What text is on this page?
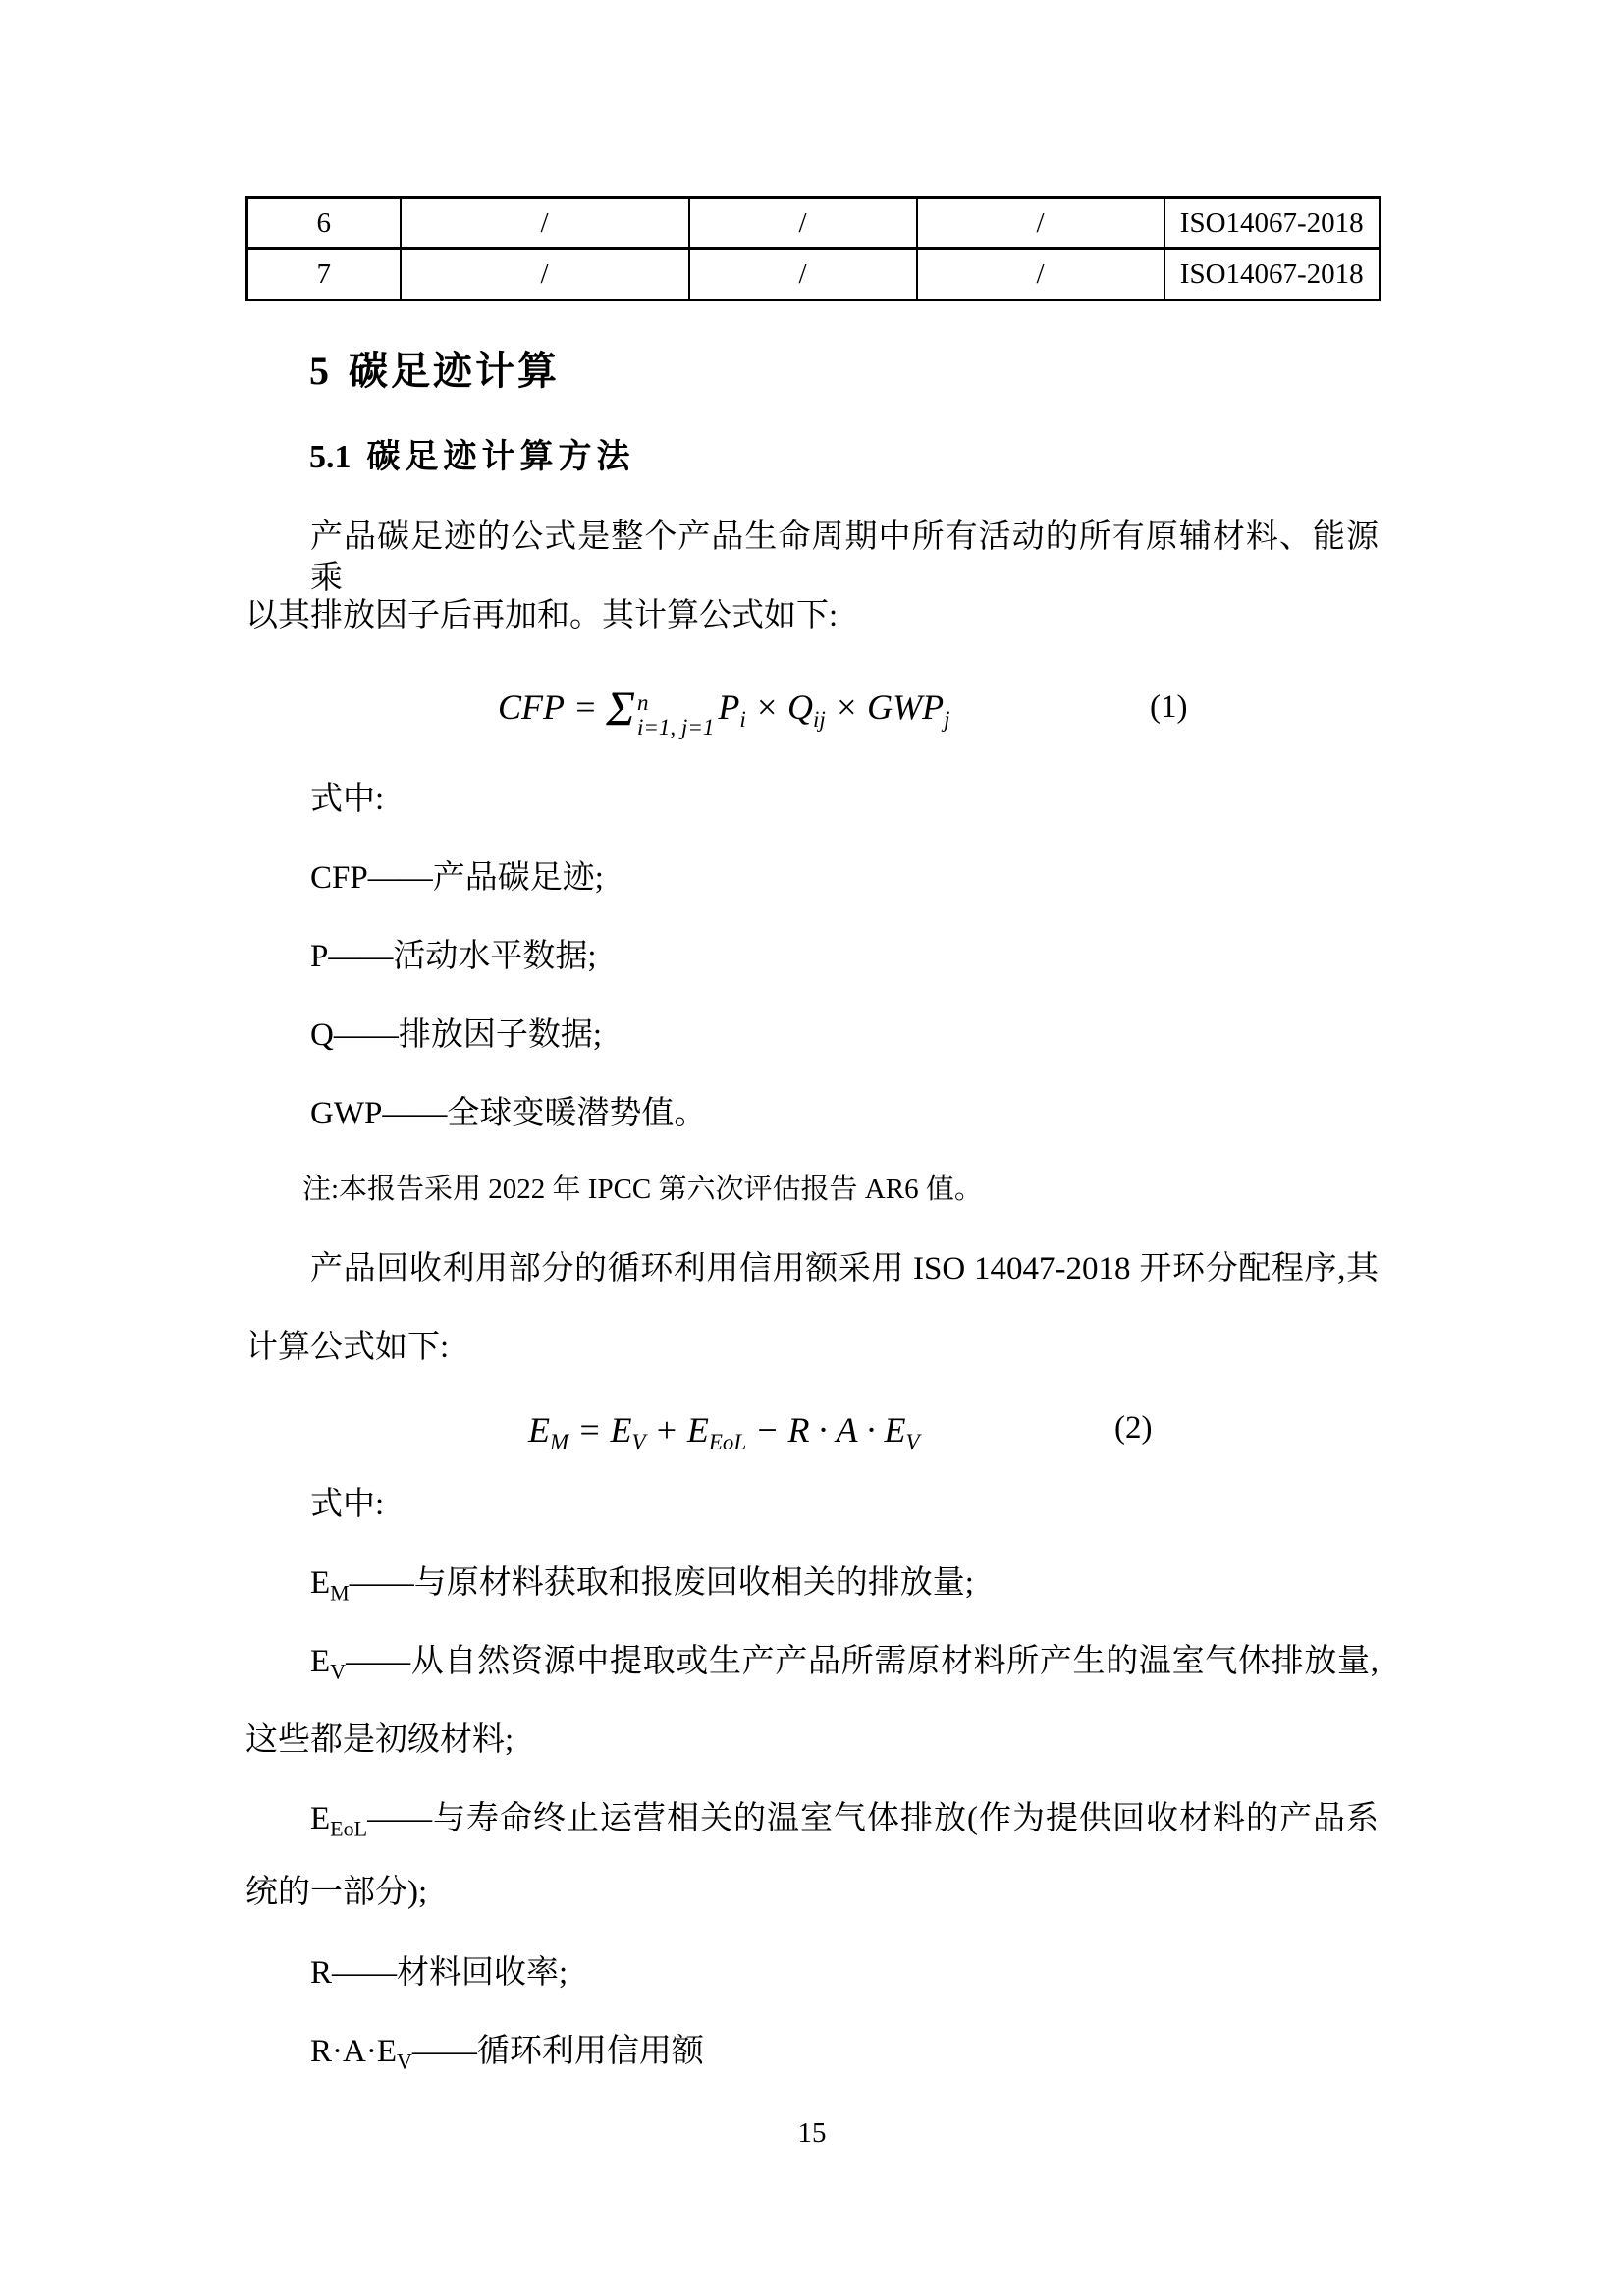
6	/	/	/	ISO14067-2018
7	/	/	/	ISO14067-2018
5 碳足迹计算
5.1 碳足迹计算方法
产品碳足迹的公式是整个产品生命周期中所有活动的所有原辅材料、能源乘
以其排放因子后再加和。其计算公式如下:
CFP = Σ n
i=1, j=1
$P_i \times Q_{ij} \times GWP_j$	(1)
式中:
CFP——产品碳足迹;
P——活动水平数据;
Q——排放因子数据;
GWP——全球变暖潜势值。
注:本报告采用 2022 年 IPCC 第六次评估报告 AR6 值。
产品回收利用部分的循环利用信用额采用 ISO 14047-2018 开环分配程序,其
计算公式如下:
$E_M = E_V + E_{EoL} - R \cdot A \cdot E_V$	(2)
式中:
$E_M——$与原材料获取和报废回收相关的排放量;
$E_V——$从自然资源中提取或生产产品所需原材料所产生的温室气体排放量,
这些都是初级材料;
$E_{EoL}——$与寿命终止运营相关的温室气体排放(作为提供回收材料的产品系
统的一部分);
R——材料回收率;
$R\cdot A\cdot E_V——$循环利用信用额
15
